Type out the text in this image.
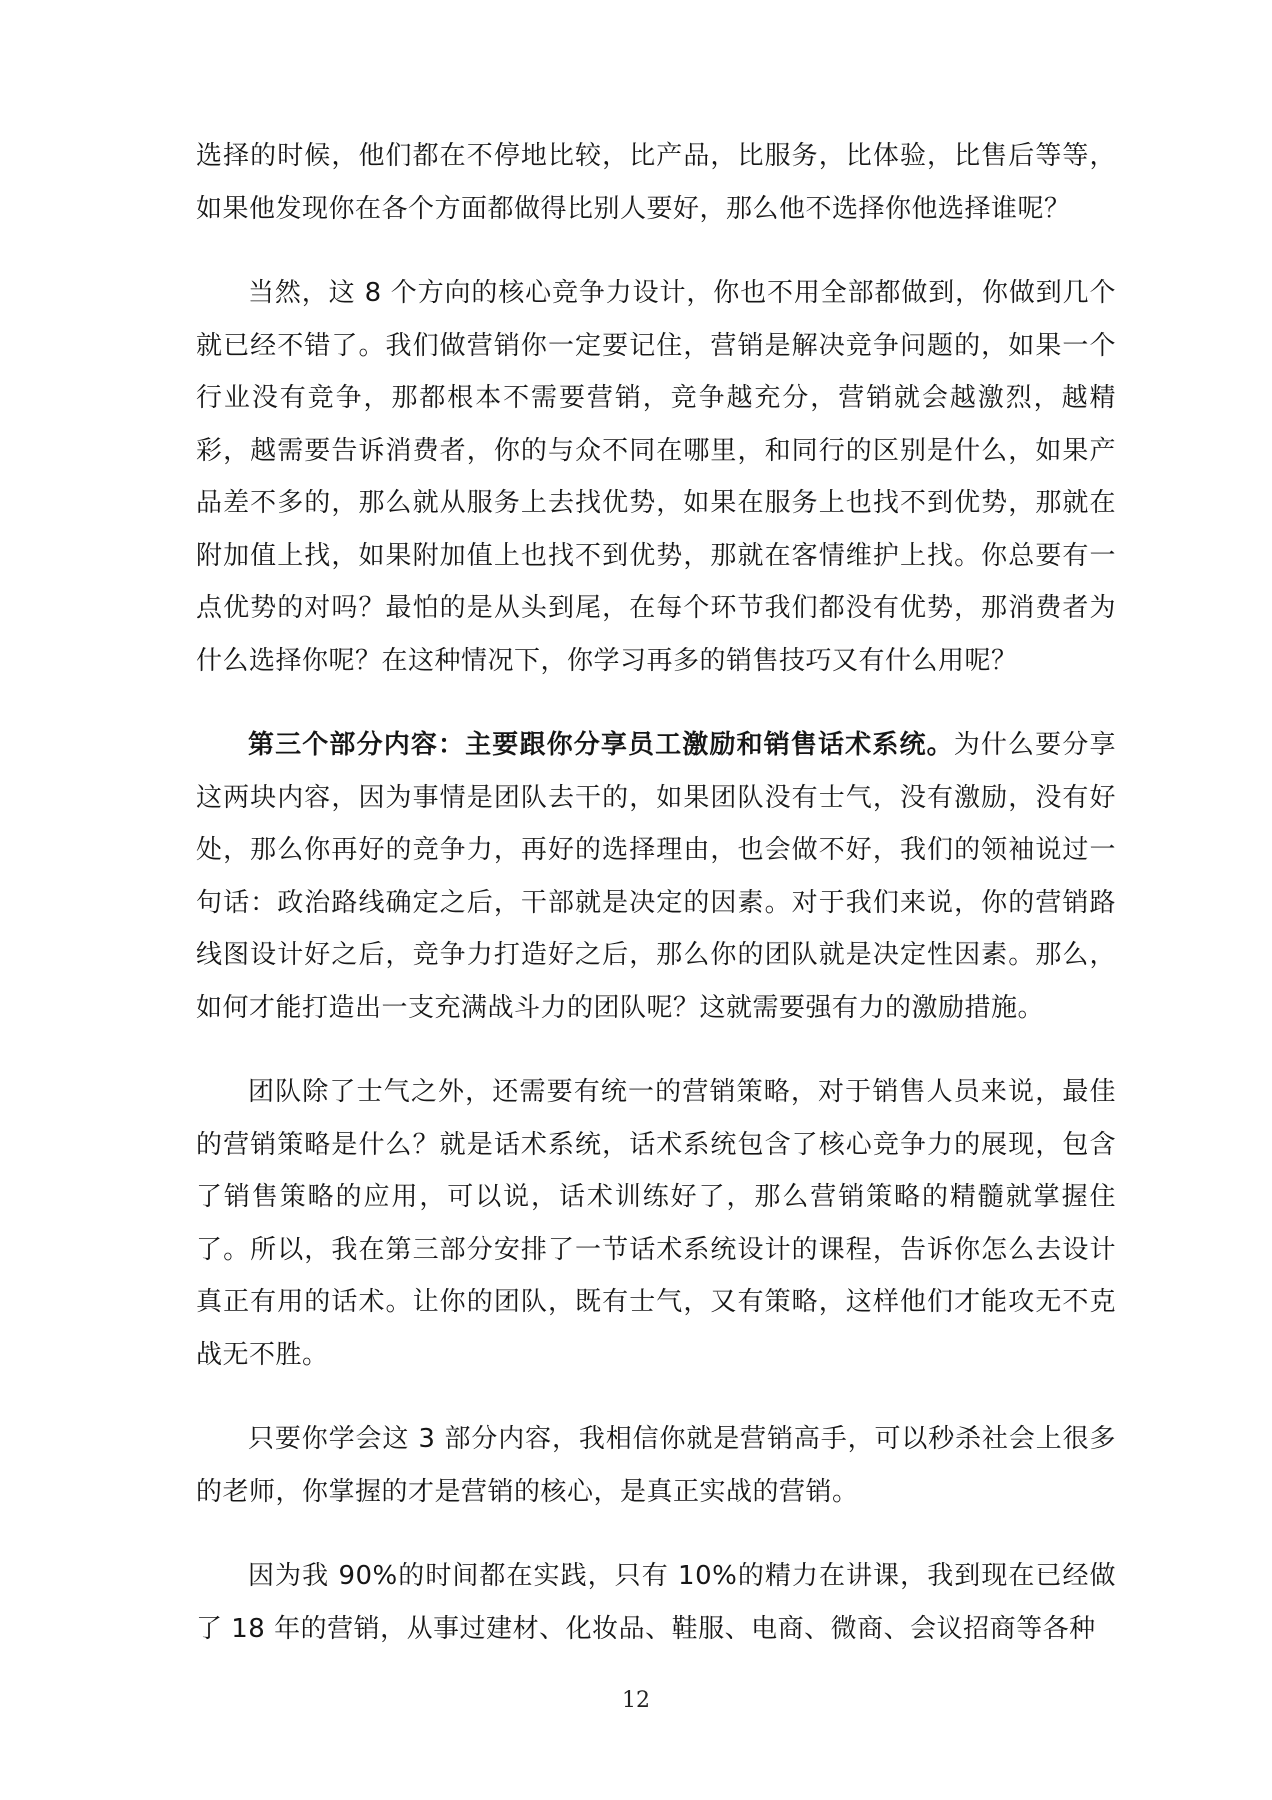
选择的时候，他们都在不停地比较，比产品，比服务，比体验，比售后等等，如果他发现你在各个方面都做得比别人要好，那么他不选择你他选择谁呢？

当然，这 8 个方向的核心竞争力设计，你也不用全部都做到，你做到几个就已经不错了。我们做营销你一定要记住，营销是解决竞争问题的，如果一个行业没有竞争，那都根本不需要营销，竞争越充分，营销就会越激烈，越精彩，越需要告诉消费者，你的与众不同在哪里，和同行的区别是什么，如果产品差不多的，那么就从服务上去找优势，如果在服务上也找不到优势，那就在附加值上找，如果附加值上也找不到优势，那就在客情维护上找。你总要有一点优势的对吗？最怕的是从头到尾，在每个环节我们都没有优势，那消费者为什么选择你呢？在这种情况下，你学习再多的销售技巧又有什么用呢？

第三个部分内容：主要跟你分享员工激励和销售话术系统。为什么要分享这两块内容，因为事情是团队去干的，如果团队没有士气，没有激励，没有好处，那么你再好的竞争力，再好的选择理由，也会做不好，我们的领袖说过一句话：政治路线确定之后，干部就是决定的因素。对于我们来说，你的营销路线图设计好之后，竞争力打造好之后，那么你的团队就是决定性因素。那么，如何才能打造出一支充满战斗力的团队呢？这就需要强有力的激励措施。

团队除了士气之外，还需要有统一的营销策略，对于销售人员来说，最佳的营销策略是什么？就是话术系统，话术系统包含了核心竞争力的展现，包含了销售策略的应用，可以说，话术训练好了，那么营销策略的精髓就掌握住了。所以，我在第三部分安排了一节话术系统设计的课程，告诉你怎么去设计真正有用的话术。让你的团队，既有士气，又有策略，这样他们才能攻无不克战无不胜。

只要你学会这 3 部分内容，我相信你就是营销高手，可以秒杀社会上很多的老师，你掌握的才是营销的核心，是真正实战的营销。

因为我 90%的时间都在实践，只有 10%的精力在讲课，我到现在已经做了 18 年的营销，从事过建材、化妆品、鞋服、电商、微商、会议招商等各种

12
